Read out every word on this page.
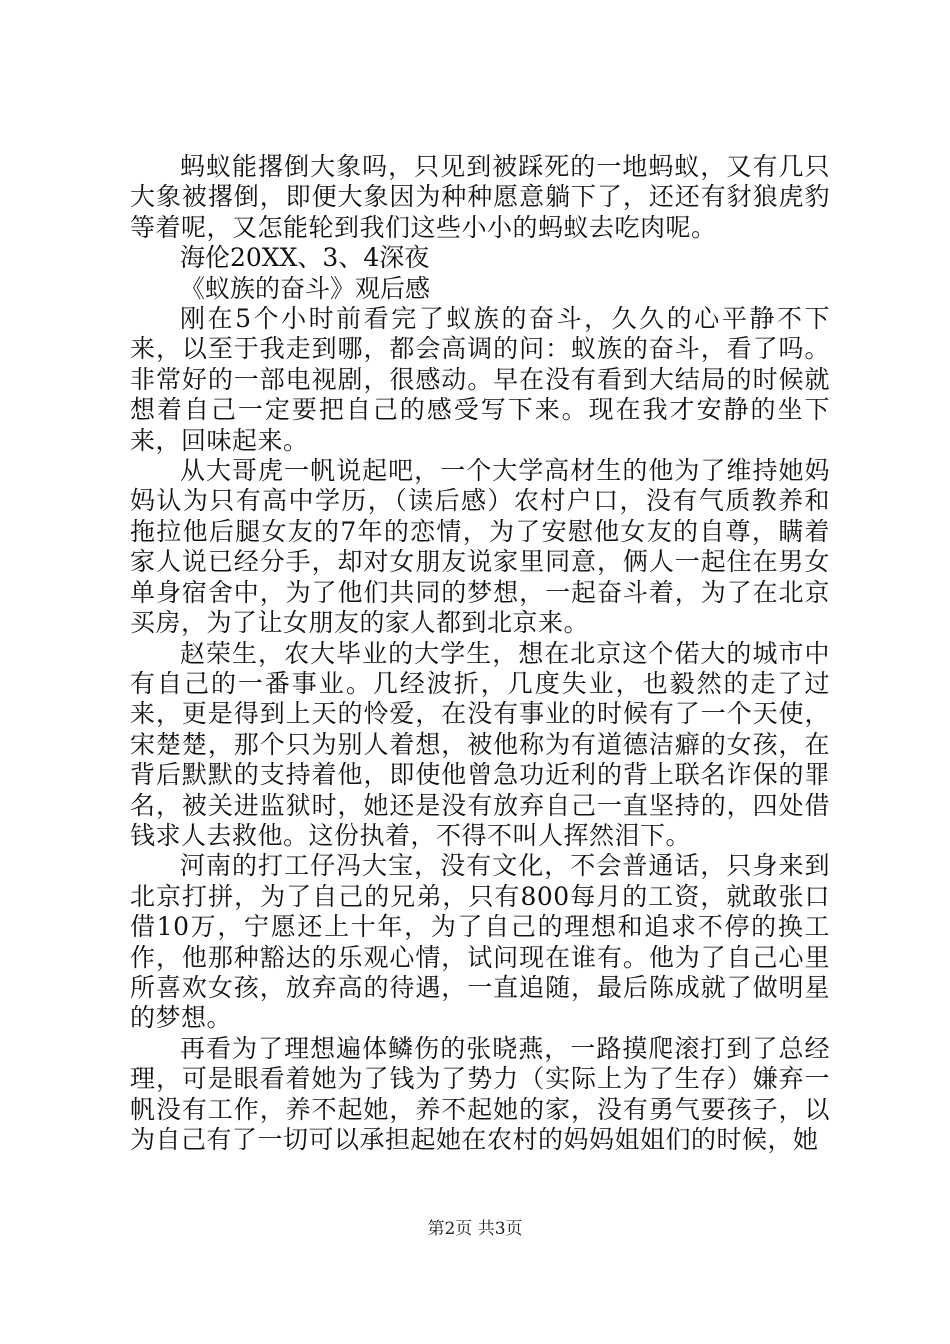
蚂蚁能撂倒大象吗，只见到被踩死的一地蚂蚁，又有几只大象被撂倒，即便大象因为种种愿意躺下了，还还有豺狼虎豹等着呢，又怎能轮到我们这些小小的蚂蚁去吃肉呢。

海伦20XX、3、4深夜

《蚁族的奋斗》观后感

刚在5个小时前看完了蚁族的奋斗，久久的心平静不下来，以至于我走到哪，都会高调的问：蚁族的奋斗，看了吗。非常好的一部电视剧，很感动。早在没有看到大结局的时候就想着自己一定要把自己的感受写下来。现在我才安静的坐下来，回味起来。

从大哥虎一帆说起吧，一个大学高材生的他为了维持她妈妈认为只有高中学历，（读后感）农村户口，没有气质教养和拖拉他后腿女友的7年的恋情，为了安慰他女友的自尊，瞒着家人说已经分手，却对女朋友说家里同意，俩人一起住在男女单身宿舍中，为了他们共同的梦想，一起奋斗着，为了在北京买房，为了让女朋友的家人都到北京来。

赵荣生，农大毕业的大学生，想在北京这个偌大的城市中有自己的一番事业。几经波折，几度失业，也毅然的走了过来，更是得到上天的怜爱，在没有事业的时候有了一个天使，宋楚楚，那个只为别人着想，被他称为有道德洁癖的女孩，在背后默默的支持着他，即使他曾急功近利的背上联名诈保的罪名，被关进监狱时，她还是没有放弃自己一直坚持的，四处借钱求人去救他。这份执着，不得不叫人挥然泪下。

河南的打工仔冯大宝，没有文化，不会普通话，只身来到北京打拼，为了自己的兄弟，只有800每月的工资，就敢张口借10万，宁愿还上十年，为了自己的理想和追求不停的换工作，他那种豁达的乐观心情，试问现在谁有。他为了自己心里所喜欢女孩，放弃高的待遇，一直追随，最后陈成就了做明星的梦想。

再看为了理想遍体鳞伤的张晓燕，一路摸爬滚打到了总经理，可是眼看着她为了钱为了势力（实际上为了生存）嫌弃一帆没有工作，养不起她，养不起她的家，没有勇气要孩子，以为自己有了一切可以承担起她在农村的妈妈姐姐们的时候，她

第2页 共3页
